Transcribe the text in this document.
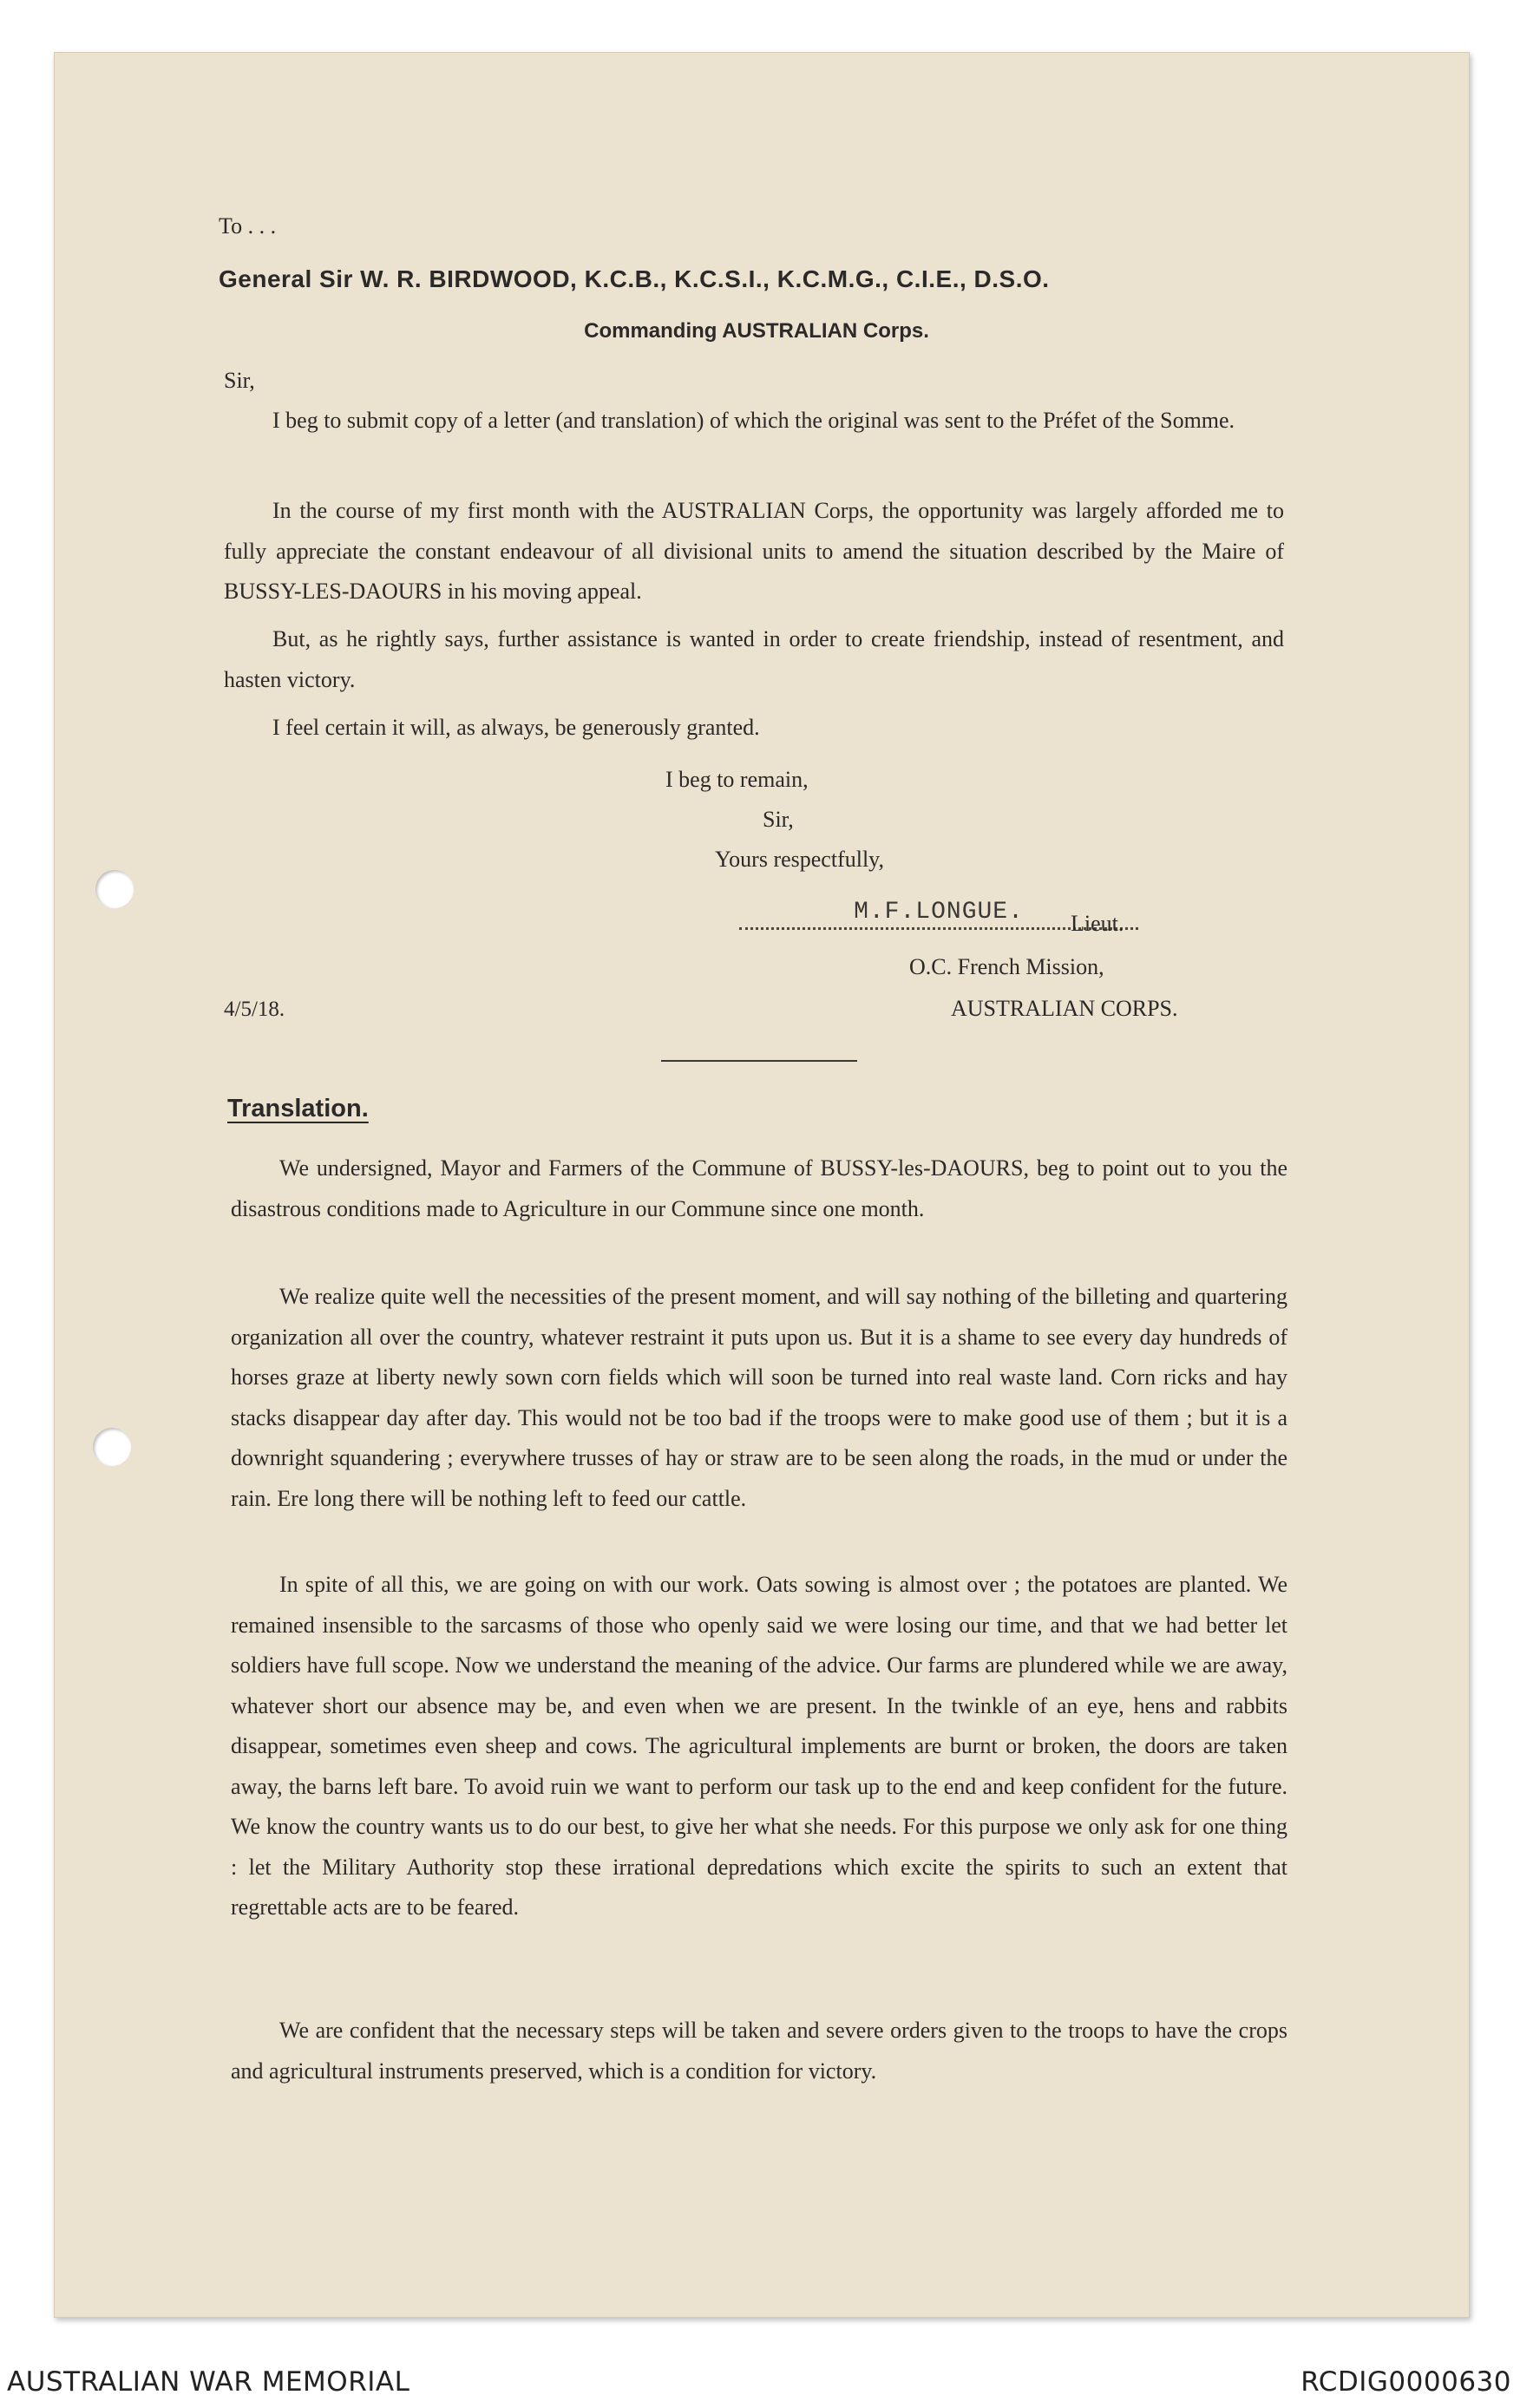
To . . .
General Sir W. R. BIRDWOOD, K.C.B., K.C.S.I., K.C.M.G., C.I.E., D.S.O.
Commanding AUSTRALIAN Corps.
Sir,
I beg to submit copy of a letter (and translation) of which the original was sent to the Préfet of the Somme.
In the course of my first month with the AUSTRALIAN Corps, the opportunity was largely afforded me to fully appreciate the constant endeavour of all divisional units to amend the situation described by the Maire of BUSSY-LES-DAOURS in his moving appeal.
But, as he rightly says, further assistance is wanted in order to create friendship, instead of resentment, and hasten victory.
I feel certain it will, as always, be generously granted.
I beg to remain,
Sir,
Yours respectfully,
M.F.LONGUE.	Lieut.
O.C. French Mission,
AUSTRALIAN CORPS.
4/5/18.
Translation.
We undersigned, Mayor and Farmers of the Commune of BUSSY-les-DAOURS, beg to point out to you the disastrous conditions made to Agriculture in our Commune since one month.
We realize quite well the necessities of the present moment, and will say nothing of the billeting and quartering organization all over the country, whatever restraint it puts upon us. But it is a shame to see every day hundreds of horses graze at liberty newly sown corn fields which will soon be turned into real waste land. Corn ricks and hay stacks disappear day after day. This would not be too bad if the troops were to make good use of them ; but it is a downright squandering ; everywhere trusses of hay or straw are to be seen along the roads, in the mud or under the rain. Ere long there will be nothing left to feed our cattle.
In spite of all this, we are going on with our work. Oats sowing is almost over ; the potatoes are planted. We remained insensible to the sarcasms of those who openly said we were losing our time, and that we had better let soldiers have full scope. Now we understand the meaning of the advice. Our farms are plundered while we are away, whatever short our absence may be, and even when we are present. In the twinkle of an eye, hens and rabbits disappear, sometimes even sheep and cows. The agricultural implements are burnt or broken, the doors are taken away, the barns left bare. To avoid ruin we want to perform our task up to the end and keep confident for the future. We know the country wants us to do our best, to give her what she needs. For this purpose we only ask for one thing : let the Military Authority stop these irrational depredations which excite the spirits to such an extent that regrettable acts are to be feared.
We are confident that the necessary steps will be taken and severe orders given to the troops to have the crops and agricultural instruments preserved, which is a condition for victory.
AUSTRALIAN WAR MEMORIAL	RCDIG0000630
